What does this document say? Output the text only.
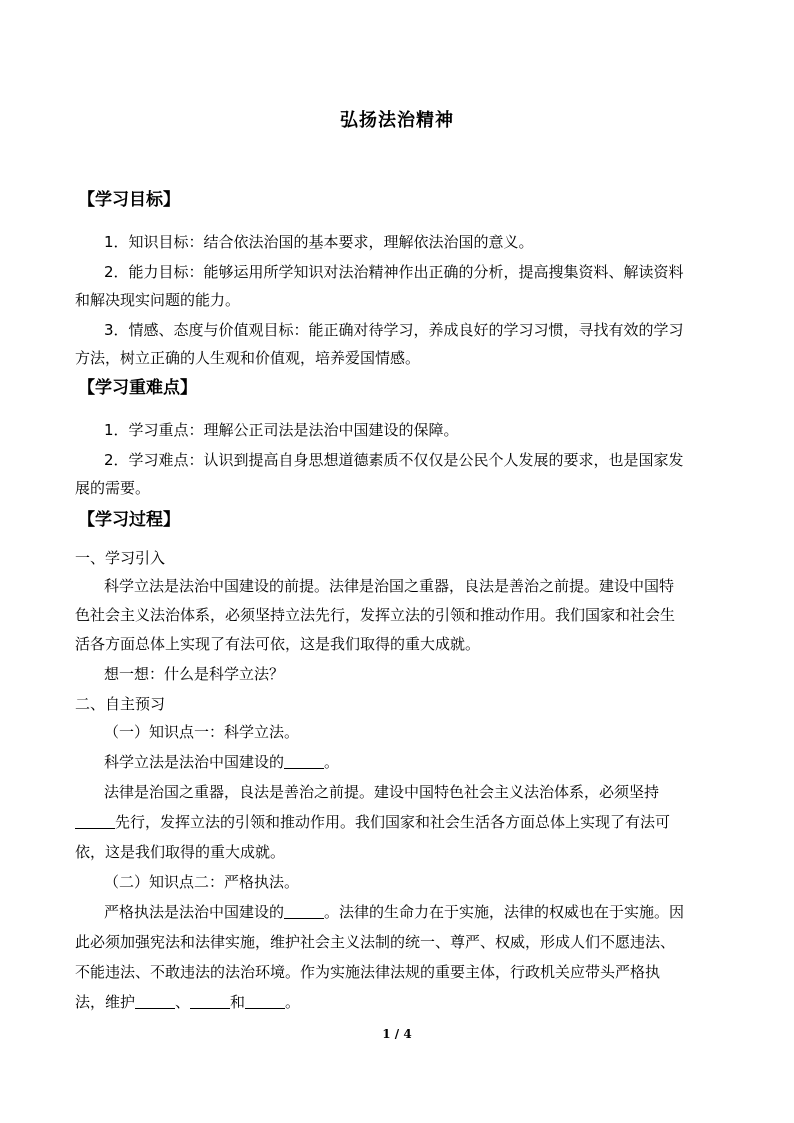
弘扬法治精神
【学习目标】
1．知识目标：结合依法治国的基本要求，理解依法治国的意义。
2．能力目标：能够运用所学知识对法治精神作出正确的分析，提高搜集资料、解读资料
和解决现实问题的能力。
3．情感、态度与价值观目标：能正确对待学习，养成良好的学习习惯，寻找有效的学习
方法，树立正确的人生观和价值观，培养爱国情感。
【学习重难点】
1．学习重点：理解公正司法是法治中国建设的保障。
2．学习难点：认识到提高自身思想道德素质不仅仅是公民个人发展的要求，也是国家发
展的需要。
【学习过程】
一、学习引入
科学立法是法治中国建设的前提。法律是治国之重器，良法是善治之前提。建设中国特
色社会主义法治体系，必须坚持立法先行，发挥立法的引领和推动作用。我们国家和社会生
活各方面总体上实现了有法可依，这是我们取得的重大成就。
想一想：什么是科学立法？
二、自主预习
（一）知识点一：科学立法。
科学立法是法治中国建设的	。
法律是治国之重器，良法是善治之前提。建设中国特色社会主义法治体系，必须坚持
先行，发挥立法的引领和推动作用。我们国家和社会生活各方面总体上实现了有法可
依，这是我们取得的重大成就。
（二）知识点二：严格执法。
严格执法是法治中国建设的	。法律的生命力在于实施，法律的权威也在于实施。因
此必须加强宪法和法律实施，维护社会主义法制的统一、尊严、权威，形成人们不愿违法、
不能违法、不敢违法的法治环境。作为实施法律法规的重要主体，行政机关应带头严格执
法，维护	、	和	。
1 / 4
